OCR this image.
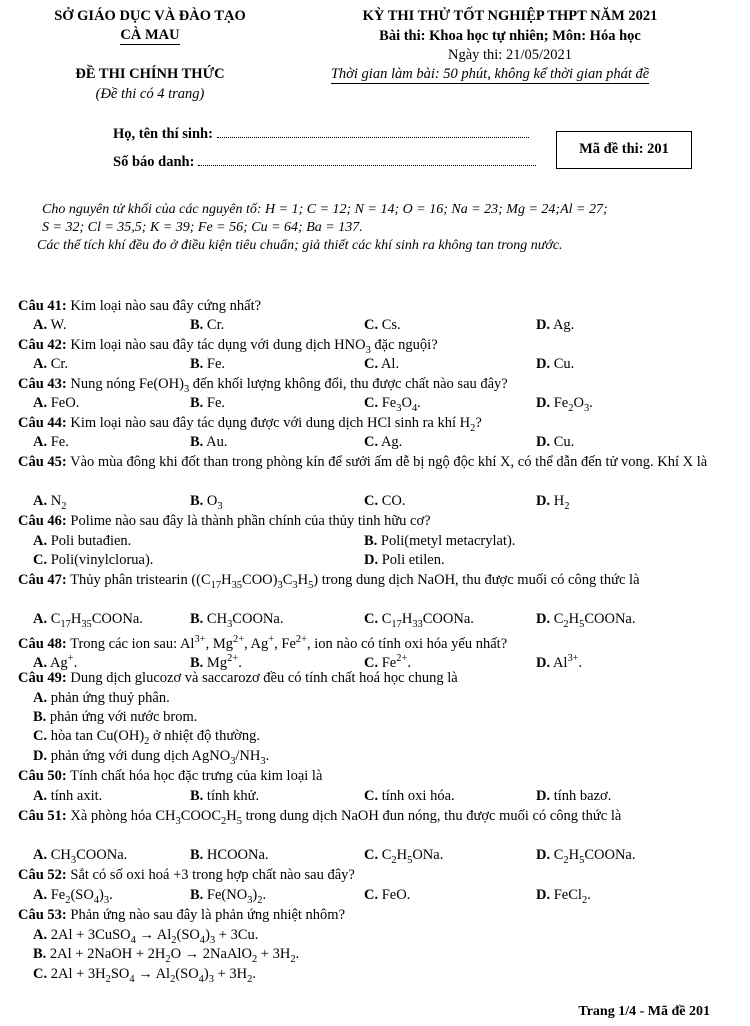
SỞ GIÁO DỤC VÀ ĐÀO TẠO
CÀ MAU
KỲ THI THỬ TỐT NGHIỆP THPT NĂM 2021
Bài thi: Khoa học tự nhiên; Môn: Hóa học
Ngày thi: 21/05/2021
ĐỀ THI CHÍNH THỨC
(Đề thi có 4 trang)
Thời gian làm bài: 50 phút, không kể thời gian phát đề
Họ, tên thí sinh:
Số báo danh:
Mã đề thi: 201
Cho nguyên tử khối của các nguyên tố: H = 1; C = 12; N = 14; O = 16; Na = 23; Mg = 24;Al = 27;
S = 32; Cl = 35,5; K = 39; Fe = 56; Cu = 64; Ba = 137.
Các thể tích khí đều đo ở điều kiện tiêu chuẩn; giả thiết các khí sinh ra không tan trong nước.
Câu 41: Kim loại nào sau đây cứng nhất?
A. W.	B. Cr.	C. Cs.	D. Ag.
Câu 42: Kim loại nào sau đây tác dụng với dung dịch $HNO_3$ đặc nguội?
A. Cr.	B. Fe.	C. Al.	D. Cu.
Câu 43: Nung nóng $Fe(OH)_3$ đến khối lượng không đổi, thu được chất nào sau đây?
A. FeO.	B. Fe.	C. $Fe_3O_4$.	D. $Fe_2O_3$.
Câu 44: Kim loại nào sau đây tác dụng được với dung dịch HCl sinh ra khí $H_2$?
A. Fe.	B. Au.	C. Ag.	D. Cu.
Câu 45: Vào mùa đông khi đốt than trong phòng kín để sưởi ấm dễ bị ngộ độc khí X, có thể dẫn đến tử vong. Khí X là
A. $N_2$	B. $O_3$	C. CO.	D. $H_2$
Câu 46: Polime nào sau đây là thành phần chính của thủy tinh hữu cơ?
A. Poli butađien.	B. Poli(metyl metacrylat).
C. Poli(vinylclorua).	D. Poli etilen.
Câu 47: Thủy phân tristearin $((C_{17}H_{35}COO)_3C_3H_5)$ trong dung dịch NaOH, thu được muối có công thức là
A. $C_{17}H_{35}COONa$.	B. $CH_3COONa$.	C. $C_{17}H_{33}COONa$.	D. $C_2H_5COONa$.
Câu 48: Trong các ion sau: $Al^{3+}$, $Mg^{2+}$, Ag+, $Fe^{2+}$, ion nào có tính oxi hóa yếu nhất?
A. Ag+.	B. $Mg^{2+}$.	C. $Fe^{2+}$.	D. $Al^{3+}$.
Câu 49: Dung dịch glucozơ và saccarozơ đều có tính chất hoá học chung là
A. phản ứng thuỷ phân.
B. phản ứng với nước brom.
C. hòa $\tan Cu(OH)_2$ ở nhiệt độ thường.
D. phản ứng với dung dịch $AgNO_3/NH_3$.
Câu 50: Tính chất hóa học đặc trưng của kim loại là
A. tính axit.	B. tính khử.	C. tính oxi hóa.	D. tính bazơ.
Câu 51: Xà phòng hóa $CH_3COOC_2H_5$ trong dung dịch NaOH đun nóng, thu được muối có công thức là
A. $CH_3COONa$.	B. HCOONa.	C. $C_2H_5ONa$.	D. $C_2H_5COONa$.
Câu 52: Sắt có số oxi hoá +3 trong hợp chất nào sau đây?
A. $Fe_2(SO_4)_3$.	B. $Fe(NO_3)_2$.	C. FeO.	D. FeCl$_2$.
Câu 53: Phản ứng nào sau đây là phản ứng nhiệt nhôm?
A. 2Al + 3CuSO$_4$ → $Al_2(SO_4)_3 + 3Cu$.
B. 2Al + 2NaOH + $2H_2O$ → 2NaAlO$_2$ + $3H_2$.
C. $2Al + 3H_2SO_4 \to Al_2(SO_4)_3 + 3H_2$.
Trang 1/4 - Mã đề 201
